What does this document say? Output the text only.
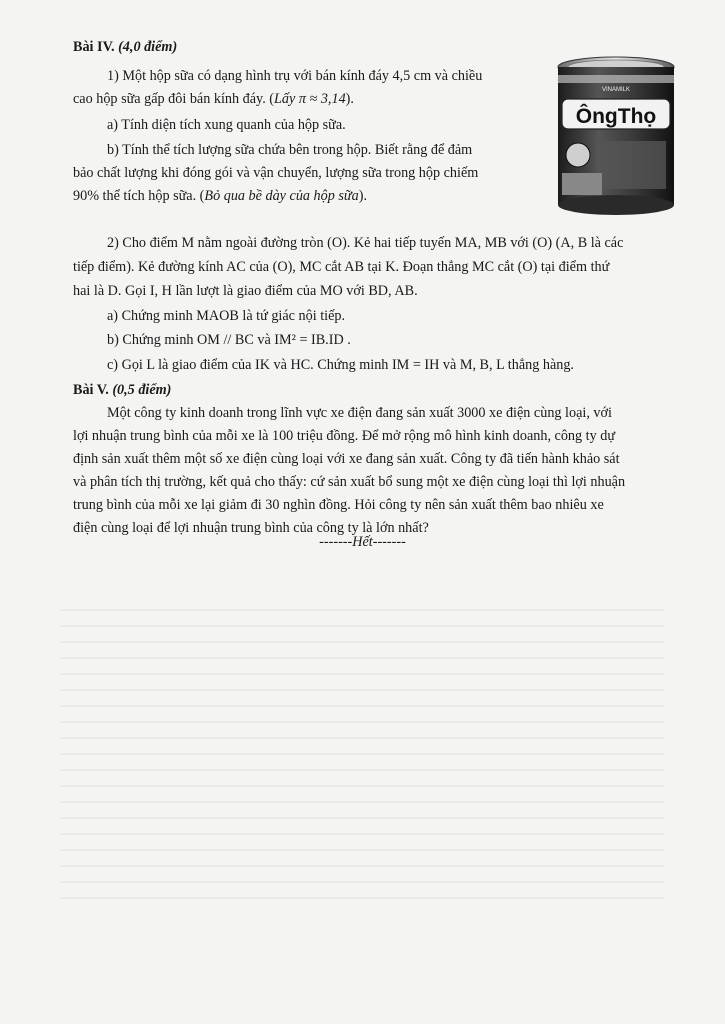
Bài IV. (4,0 điểm)
1) Một hộp sữa có dạng hình trụ với bán kính đáy 4,5 cm và chiều
cao hộp sữa gấp đôi bán kính đáy. (Lấy π ≈ 3,14).
a) Tính diện tích xung quanh của hộp sữa.
b) Tính thể tích lượng sữa chứa bên trong hộp. Biết rằng để đảm
bảo chất lượng khi đóng gói và vận chuyển, lượng sữa trong hộp chiếm
90% thể tích hộp sữa. (Bỏ qua bề dày của hộp sữa).
VINAMILK
ÔngThọ
2) Cho điểm M nằm ngoài đường tròn (O). Kẻ hai tiếp tuyến MA, MB với (O) (A, B là các
tiếp điểm). Kẻ đường kính AC của (O), MC cắt AB tại K. Đoạn thẳng MC cắt (O) tại điểm thứ
hai là D. Gọi I, H lần lượt là giao điểm của MO với BD, AB.
a) Chứng minh MAOB là tứ giác nội tiếp.
b) Chứng minh OM // BC và IM² = IB.ID .
c) Gọi L là giao điểm của IK và HC. Chứng minh IM = IH và M, B, L thẳng hàng.
Bài V. (0,5 điểm)
Một công ty kinh doanh trong lĩnh vực xe điện đang sản xuất 3000 xe điện cùng loại, với
lợi nhuận trung bình của mỗi xe là 100 triệu đồng. Để mở rộng mô hình kinh doanh, công ty dự
định sản xuất thêm một số xe điện cùng loại với xe đang sản xuất. Công ty đã tiến hành khảo sát
và phân tích thị trường, kết quả cho thấy: cứ sản xuất bổ sung một xe điện cùng loại thì lợi nhuận
trung bình của mỗi xe lại giảm đi 30 nghìn đồng. Hỏi công ty nên sản xuất thêm bao nhiêu xe
điện cùng loại để lợi nhuận trung bình của công ty là lớn nhất?
-------Hết-------
